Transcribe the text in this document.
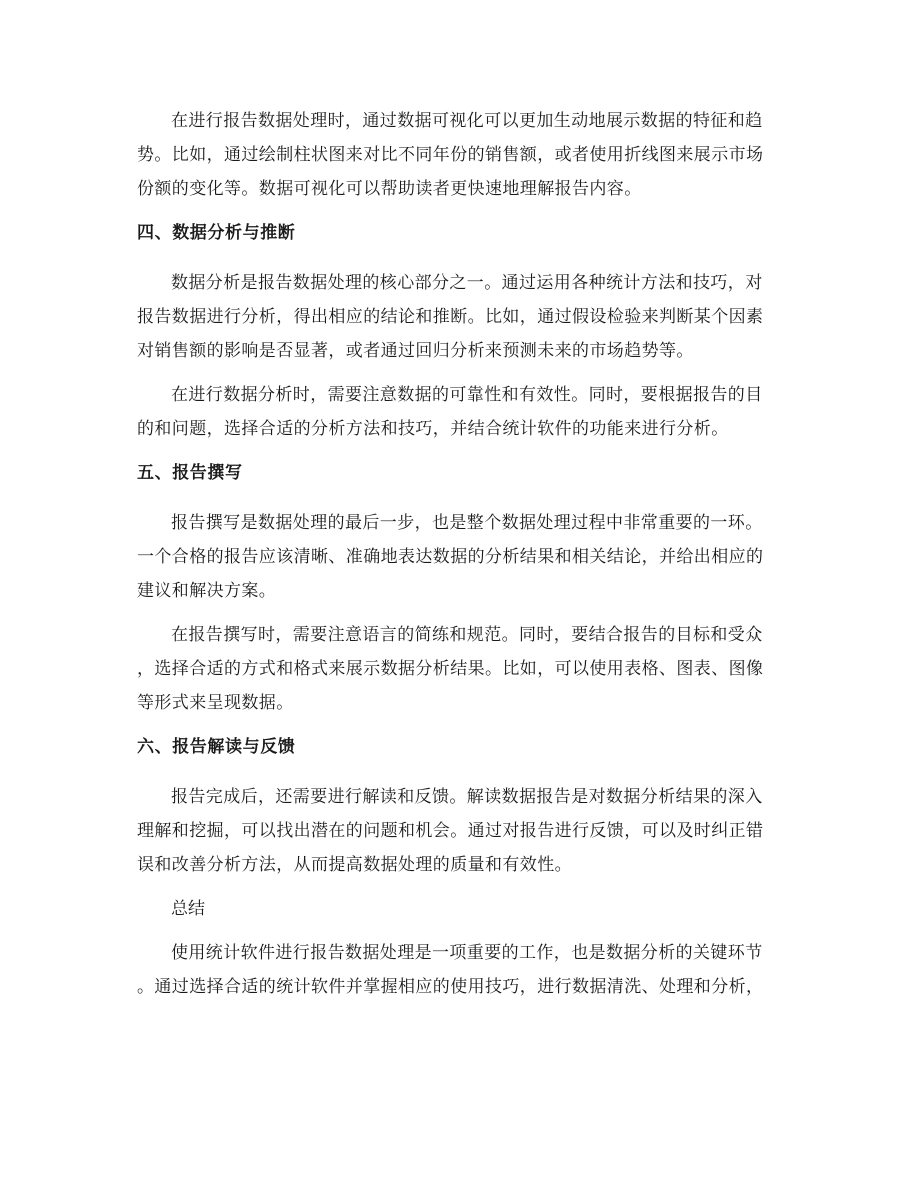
在进行报告数据处理时，通过数据可视化可以更加生动地展示数据的特征和趋
势。比如，通过绘制柱状图来对比不同年份的销售额，或者使用折线图来展示市场
份额的变化等。数据可视化可以帮助读者更快速地理解报告内容。

四、数据分析与推断

数据分析是报告数据处理的核心部分之一。通过运用各种统计方法和技巧，对
报告数据进行分析，得出相应的结论和推断。比如，通过假设检验来判断某个因素
对销售额的影响是否显著，或者通过回归分析来预测未来的市场趋势等。

在进行数据分析时，需要注意数据的可靠性和有效性。同时，要根据报告的目
的和问题，选择合适的分析方法和技巧，并结合统计软件的功能来进行分析。

五、报告撰写

报告撰写是数据处理的最后一步，也是整个数据处理过程中非常重要的一环。
一个合格的报告应该清晰、准确地表达数据的分析结果和相关结论，并给出相应的
建议和解决方案。

在报告撰写时，需要注意语言的简练和规范。同时，要结合报告的目标和受众
，选择合适的方式和格式来展示数据分析结果。比如，可以使用表格、图表、图像
等形式来呈现数据。

六、报告解读与反馈

报告完成后，还需要进行解读和反馈。解读数据报告是对数据分析结果的深入
理解和挖掘，可以找出潜在的问题和机会。通过对报告进行反馈，可以及时纠正错
误和改善分析方法，从而提高数据处理的质量和有效性。

总结

使用统计软件进行报告数据处理是一项重要的工作，也是数据分析的关键环节
。通过选择合适的统计软件并掌握相应的使用技巧，进行数据清洗、处理和分析，
